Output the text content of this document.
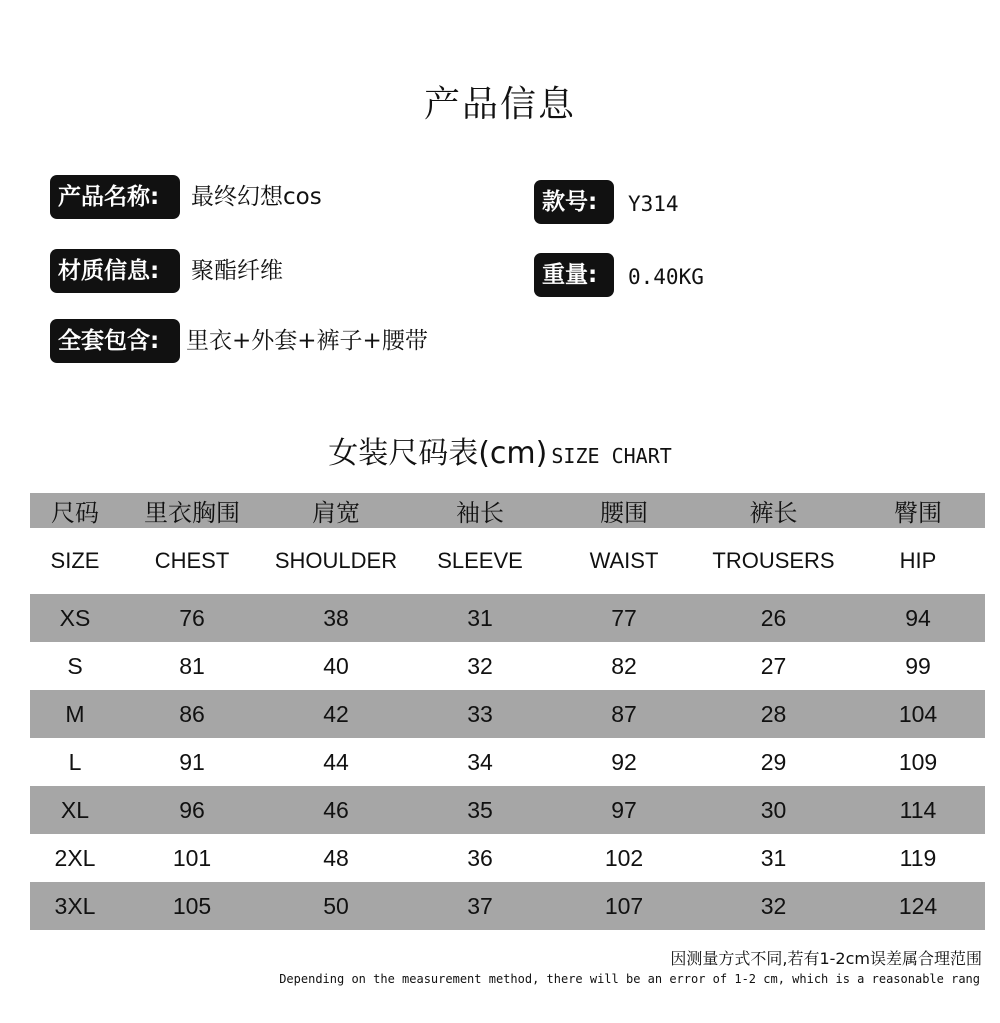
产品信息
产品名称:	最终幻想cos	款号:	Y314
材质信息:	聚酯纤维	重量:	0.40KG
全套包含:	里衣+外套+裤子+腰带
女装尺码表(cm) SIZE CHART
尺码	里衣胸围	肩宽	袖长	腰围	裤长	臀围
SIZE	CHEST	SHOULDER	SLEEVE	WAIST	TROUSERS	HIP
XS	76	38	31	77	26	94
S	81	40	32	82	27	99
M	86	42	33	87	28	104
L	91	44	34	92	29	109
XL	96	46	35	97	30	114
2XL	101	48	36	102	31	119
3XL	105	50	37	107	32	124
因测量方式不同,若有1-2cm误差属合理范围
Depending on the measurement method, there will be an error of 1-2 cm, which is a reasonable rang
